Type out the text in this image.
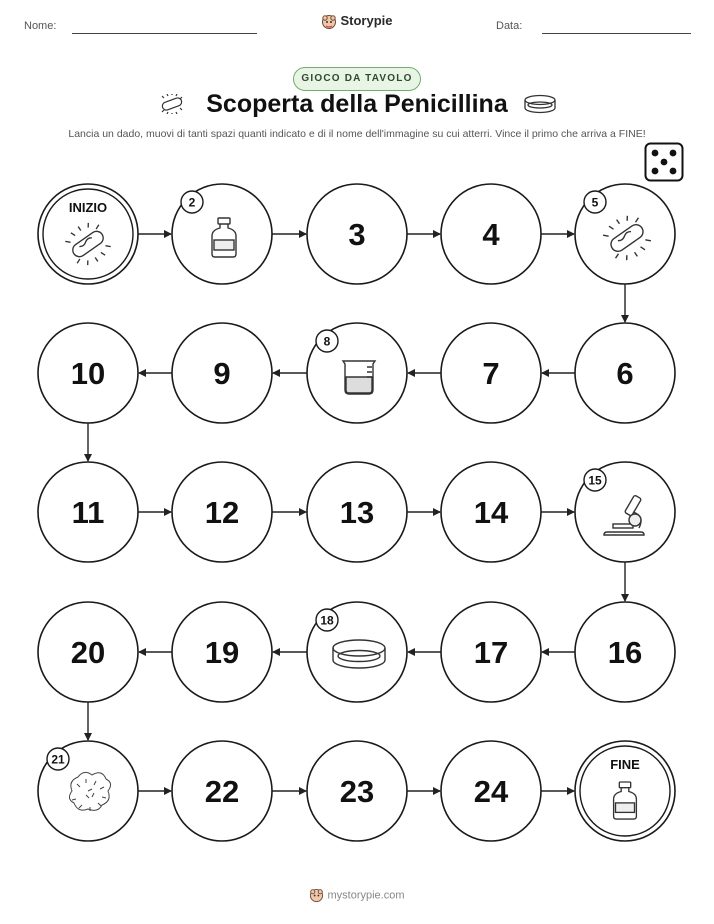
Nome:	Storypie	Data:
GIOCO DA TAVOLO
Scoperta della Penicillina
Lancia un dado, muovi di tanti spazi quanti indicato e di il nome dell'immagine su cui atterri. Vince il primo che arriva a FINE!
INIZIO	2
3	4
5
6
7
8
9
10
11	12	13	14
15
16
17
18
19
20
21
22	23	24
FINE
mystorypie.com
